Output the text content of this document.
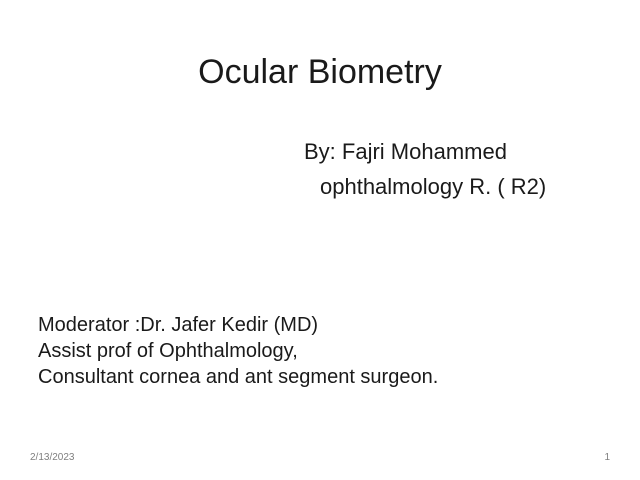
Ocular Biometry
By: Fajri Mohammed
ophthalmology R. ( R2)
Moderator :Dr. Jafer Kedir (MD)
Assist prof of Ophthalmology,
Consultant cornea and ant segment surgeon.
2/13/2023	1
